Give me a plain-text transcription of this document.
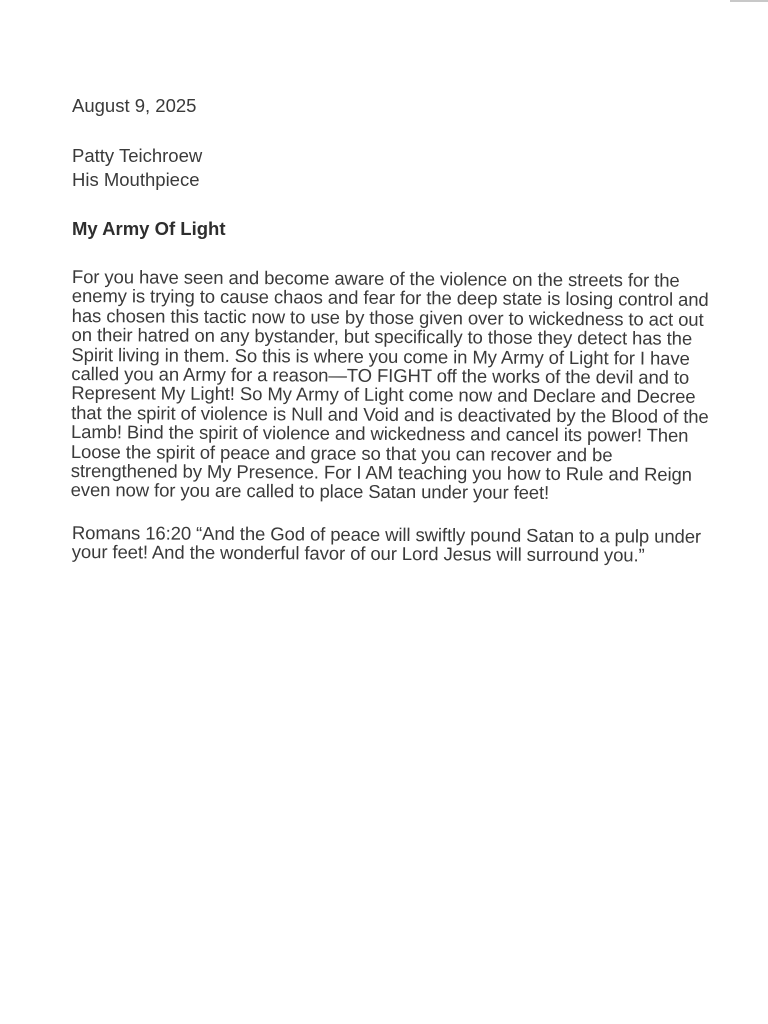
August 9, 2025
Patty Teichroew
His Mouthpiece
My Army Of Light
For you have seen and become aware of the violence on the streets for the enemy is trying to cause chaos and fear for the deep state is losing control and has chosen this tactic now to use by those given over to wickedness to act out on their hatred on any bystander, but specifically to those they detect has the Spirit living in them. So this is where you come in My Army of Light for I have called you an Army for a reason—TO FIGHT off the works of the devil and to Represent My Light! So My Army of Light come now and Declare and Decree that the spirit of violence is Null and Void and is deactivated by the Blood of the Lamb! Bind the spirit of violence and wickedness and cancel its power! Then Loose the spirit of peace and grace so that you can recover and be strengthened by My Presence. For I AM teaching you how to Rule and Reign even now for you are called to place Satan under your feet!
Romans 16:20 “And the God of peace will swiftly pound Satan to a pulp under your feet! And the wonderful favor of our Lord Jesus will surround you.”
